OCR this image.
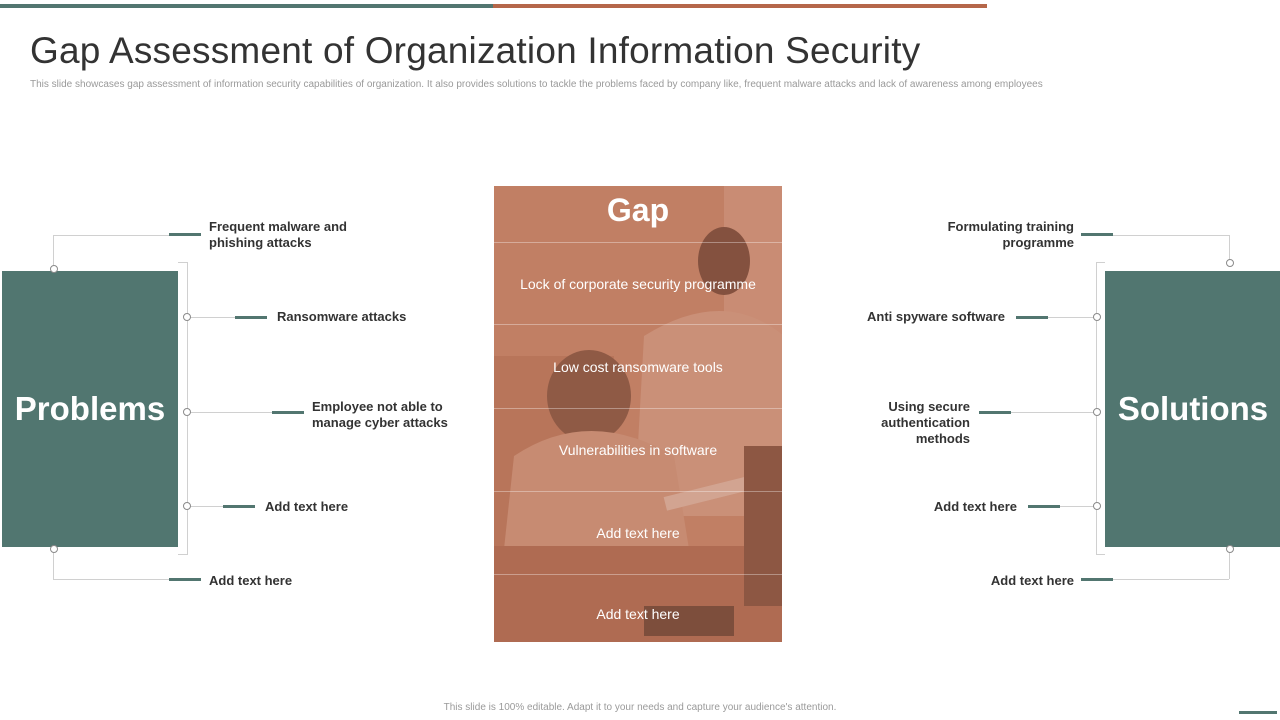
Gap Assessment of Organization Information Security
This slide showcases gap assessment of information security capabilities of organization. It also provides solutions to tackle the problems faced by company like, frequent malware attacks and lack of awareness among employees
Problems
Frequent malware and
phishing attacks
Ransomware attacks
Employee not able to
manage cyber attacks
Add text here
Add text here
Gap
Lock of corporate security programme
Low cost ransomware tools
Vulnerabilities in software
Add text here
Add text here
Solutions
Formulating training
programme
Anti spyware software
Using secure
authentication
methods
Add text here
Add text here
This slide is 100% editable. Adapt it to your needs and capture your audience's attention.
